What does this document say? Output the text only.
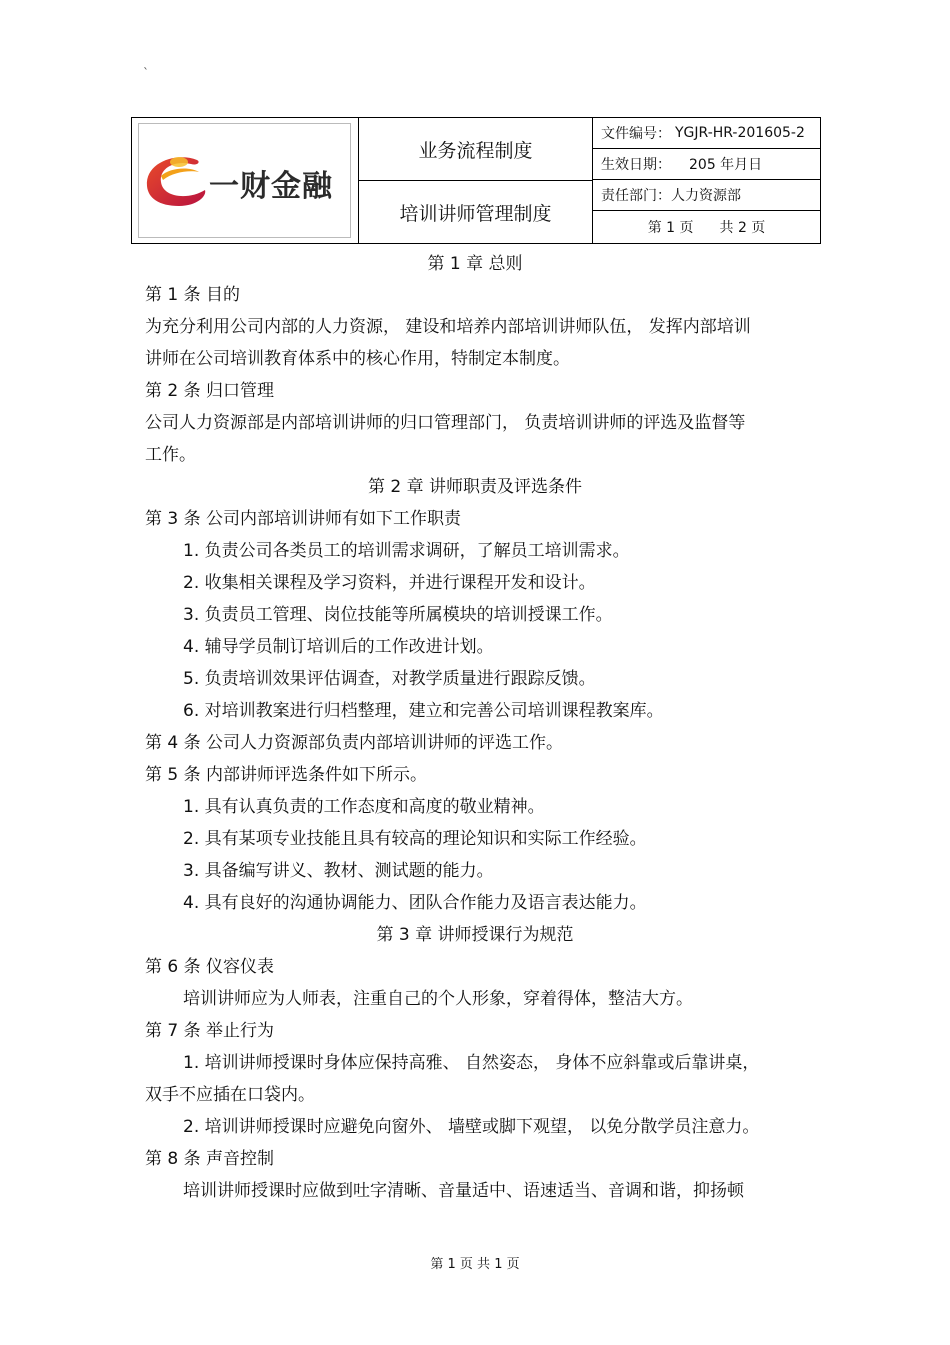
`
一财金融
业务流程制度
培训讲师管理制度
文件编号： YGJR-HR-201605-2
生效日期： 205 年月日
责任部门： 人力资源部
第 1 页 共 2 页
第 1 章 总则
第 1 条 目的
为充分利用公司内部的人力资源， 建设和培养内部培训讲师队伍， 发挥内部培训
讲师在公司培训教育体系中的核心作用，特制定本制度。
第 2 条 归口管理
公司人力资源部是内部培训讲师的归口管理部门， 负责培训讲师的评选及监督等
工作。
第 2 章 讲师职责及评选条件
第 3 条 公司内部培训讲师有如下工作职责
1. 负责公司各类员工的培训需求调研，了解员工培训需求。
2. 收集相关课程及学习资料，并进行课程开发和设计。
3. 负责员工管理、岗位技能等所属模块的培训授课工作。
4. 辅导学员制订培训后的工作改进计划。
5. 负责培训效果评估调查，对教学质量进行跟踪反馈。
6. 对培训教案进行归档整理，建立和完善公司培训课程教案库。
第 4 条 公司人力资源部负责内部培训讲师的评选工作。
第 5 条 内部讲师评选条件如下所示。
1. 具有认真负责的工作态度和高度的敬业精神。
2. 具有某项专业技能且具有较高的理论知识和实际工作经验。
3. 具备编写讲义、教材、测试题的能力。
4. 具有良好的沟通协调能力、团队合作能力及语言表达能力。
第 3 章 讲师授课行为规范
第 6 条 仪容仪表
培训讲师应为人师表，注重自己的个人形象，穿着得体，整洁大方。
第 7 条 举止行为
1. 培训讲师授课时身体应保持高雅、 自然姿态， 身体不应斜靠或后靠讲桌，
双手不应插在口袋内。
2. 培训讲师授课时应避免向窗外、 墙壁或脚下观望， 以免分散学员注意力。
第 8 条 声音控制
培训讲师授课时应做到吐字清晰、音量适中、语速适当、音调和谐，抑扬顿
第 1 页 共 1 页
